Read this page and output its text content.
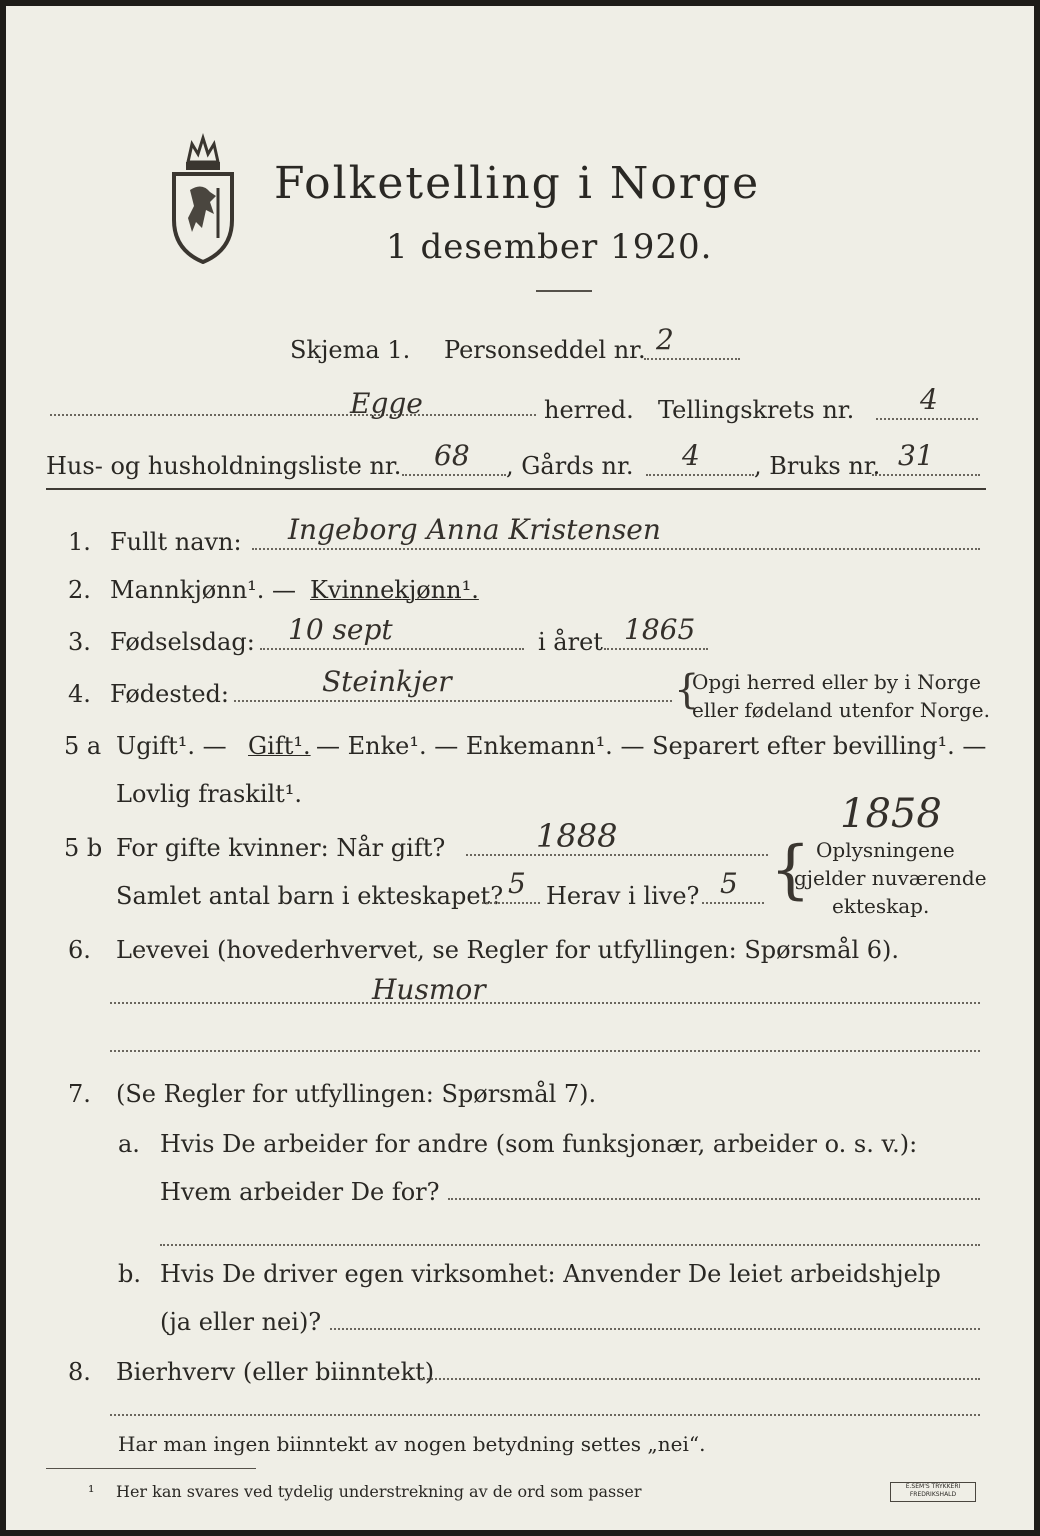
Folketelling i Norge
1 desember 1920.
Skjema 1. Personseddel nr. 2
Egge	herred. Tellingskrets nr. 4
Hus- og husholdningsliste nr. 68 , Gårds nr. 4 , Bruks nr. 31
1. Fullt navn: Ingeborg Anna Kristensen
2. Mannkjønn¹. — Kvinnekjønn¹.
3. Fødselsdag: 10 sept	i året 1865
4. Fødested:	Steinkjer	{
Opgi herred eller by i Norge
eller fødeland utenfor Norge.
5 a Ugift¹. — Gift¹. — Enke¹. — Enkemann¹. — Separert efter bevilling¹. —
Lovlig fraskilt¹.	1858
5 b For gifte kvinner: Når gift?	1888	Oplysningene
Samlet antal barn i ekteskapet? 5 Herav i live? 5 {
gjelder nuværende
ekteskap.
6. Levevei (hovederhvervet, se Regler for utfyllingen: Spørsmål 6).
Husmor
7. (Se Regler for utfyllingen: Spørsmål 7).
a. Hvis De arbeider for andre (som funksjonær, arbeider o. s. v.):
Hvem arbeider De for?
b. Hvis De driver egen virksomhet: Anvender De leiet arbeidshjelp
(ja eller nei)?
8. Bierhverv (eller biinntekt)
Har man ingen biinntekt av nogen betydning settes „nei“.
¹ Her kan svares ved tydelig understrekning av de ord som passer	E.SEM'S TRYKKERI FREDRIKSHALD
